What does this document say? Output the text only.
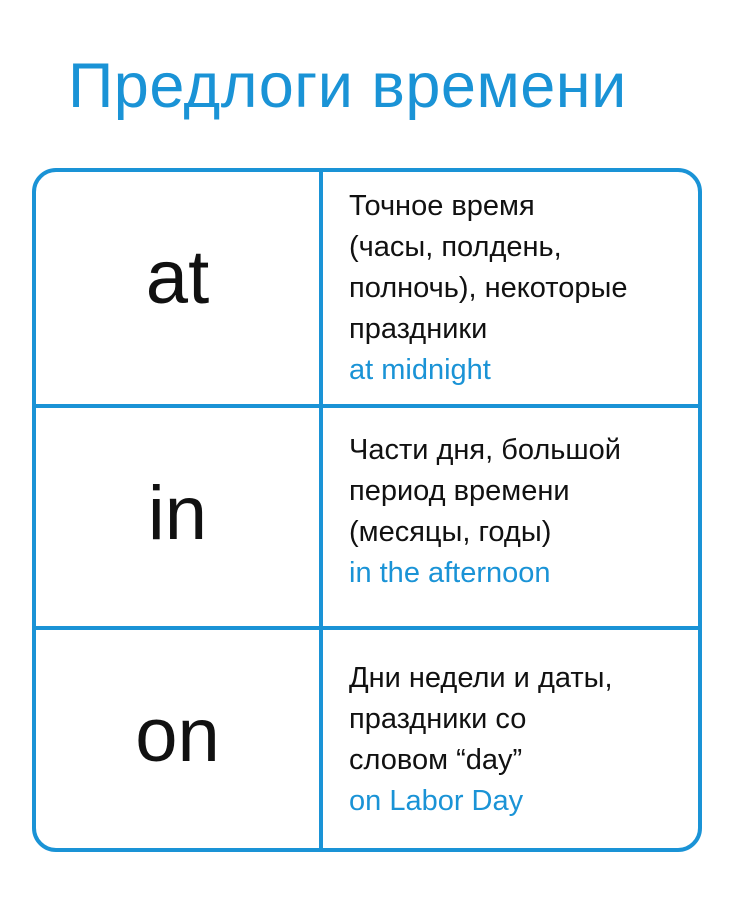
Предлоги времени
at
Точное время
(часы, полдень,
полночь), некоторые
праздники
at midnight
in
Части дня, большой
период времени
(месяцы, годы)
in the afternoon
on
Дни недели и даты,
праздники со
словом “day”
on Labor Day
